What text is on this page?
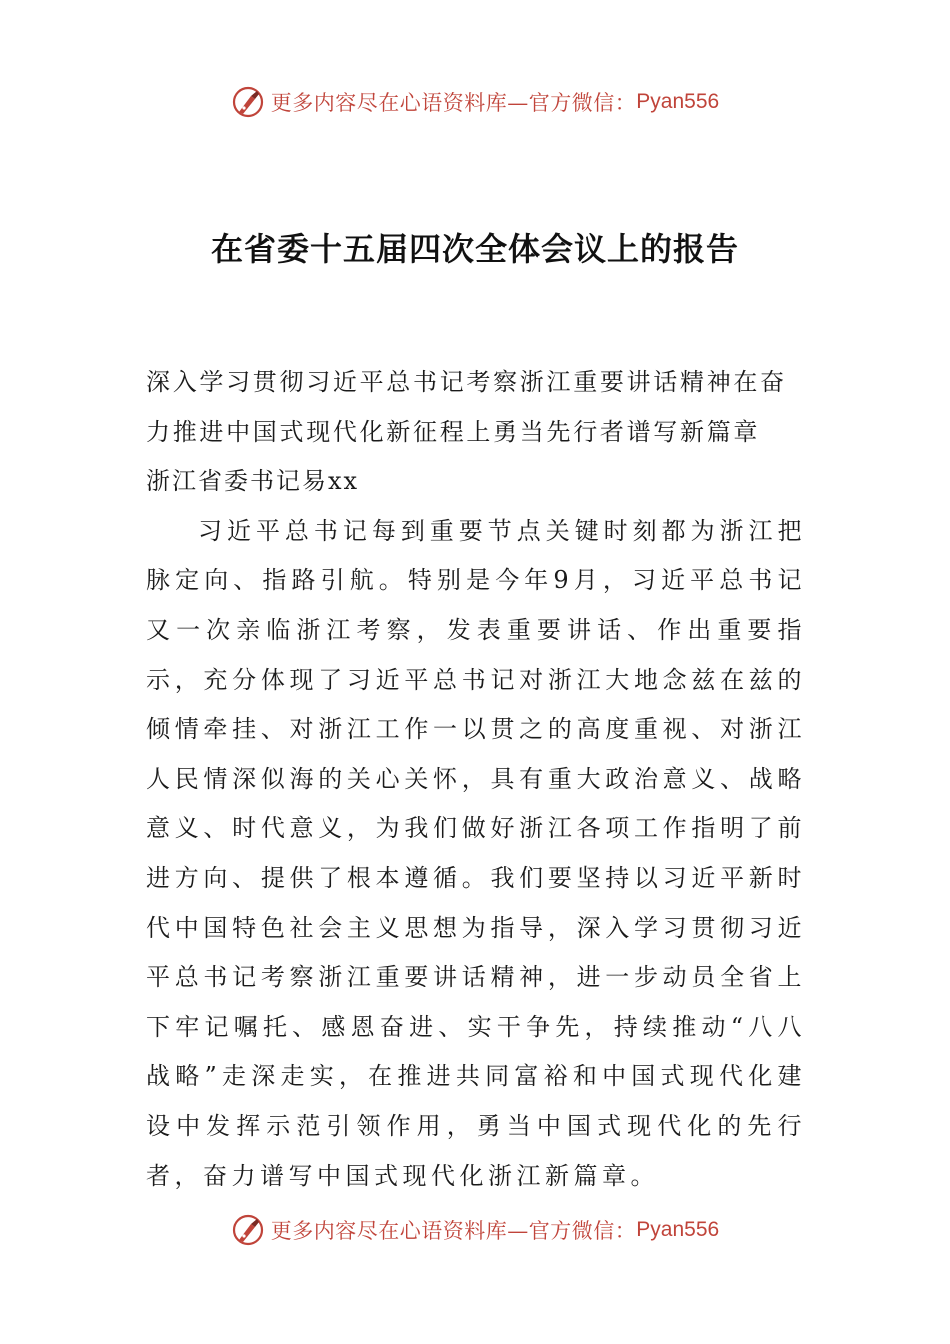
更多内容尽在心语资料库—官方微信： Pyan556
在省委十五届四次全体会议上的报告

深入学习贯彻习近平总书记考察浙江重要讲话精神在奋力推进中国式现代化新征程上勇当先行者谱写新篇章

浙江省委书记易xx

习近平总书记每到重要节点关键时刻都为浙江把脉定向、指路引航。特别是今年9月，习近平总书记又一次亲临浙江考察，发表重要讲话、作出重要指示，充分体现了习近平总书记对浙江大地念兹在兹的倾情牵挂、对浙江工作一以贯之的高度重视、对浙江人民情深似海的关心关怀，具有重大政治意义、战略意义、时代意义，为我们做好浙江各项工作指明了前进方向、提供了根本遵循。我们要坚持以习近平新时代中国特色社会主义思想为指导，深入学习贯彻习近平总书记考察浙江重要讲话精神，进一步动员全省上下牢记嘱托、感恩奋进、实干争先，持续推动“八八战略”走深走实，在推进共同富裕和中国式现代化建设中发挥示范引领作用，勇当中国式现代化的先行者，奋力谱写中国式现代化浙江新篇章。

更多内容尽在心语资料库—官方微信： Pyan556
